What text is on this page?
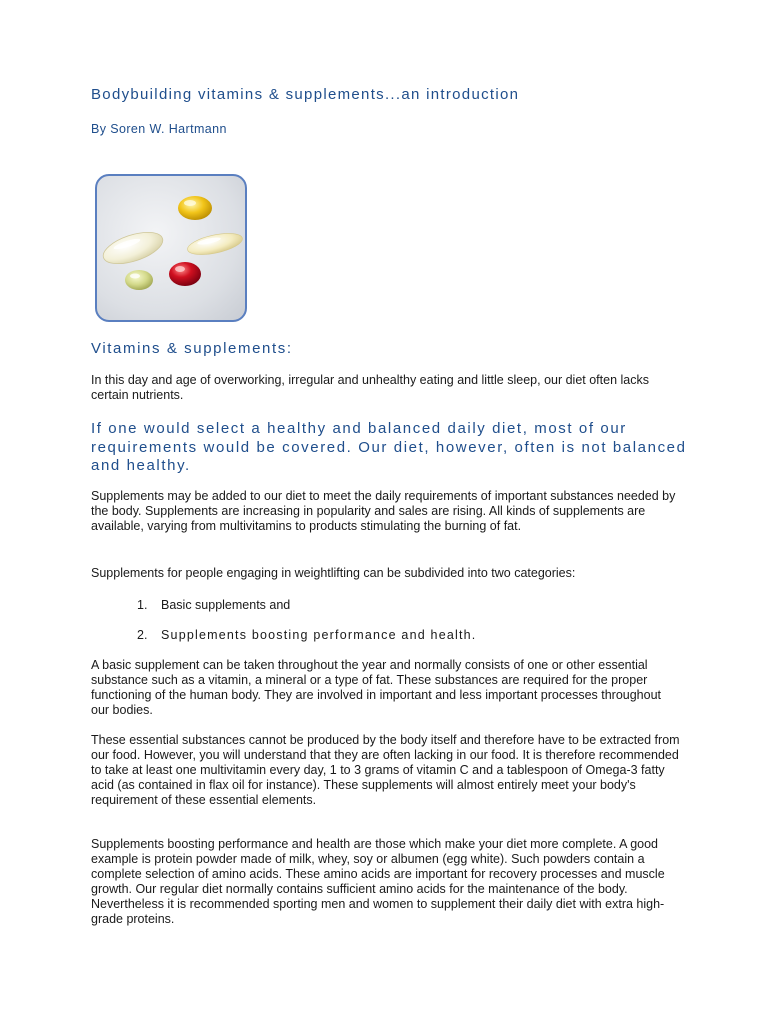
Bodybuilding vitamins & supplements...an introduction
By Soren W. Hartmann
Vitamins & supplements:
In this day and age of overworking, irregular and unhealthy eating and little sleep, our diet often lacks certain nutrients.
If one would select a healthy and balanced daily diet, most of our requirements would be covered. Our diet, however, often is not balanced and healthy.
Supplements may be added to our diet to meet the daily requirements of important substances needed by the body. Supplements are increasing in popularity and sales are rising. All kinds of supplements are available, varying from multivitamins to products stimulating the burning of fat.
Supplements for people engaging in weightlifting can be subdivided into two categories:
1. Basic supplements and
2. Supplements boosting performance and health.
A basic supplement can be taken throughout the year and normally consists of one or other essential substance such as a vitamin, a mineral or a type of fat. These substances are required for the proper functioning of the human body. They are involved in important and less important processes throughout our bodies.
These essential substances cannot be produced by the body itself and therefore have to be extracted from our food. However, you will understand that they are often lacking in our food. It is therefore recommended to take at least one multivitamin every day, 1 to 3 grams of vitamin C and a tablespoon of Omega-3 fatty acid (as contained in flax oil for instance). These supplements will almost entirely meet your body's requirement of these essential elements.
Supplements boosting performance and health are those which make your diet more complete. A good example is protein powder made of milk, whey, soy or albumen (egg white). Such powders contain a complete selection of amino acids. These amino acids are important for recovery processes and muscle growth. Our regular diet normally contains sufficient amino acids for the maintenance of the body. Nevertheless it is recommended sporting men and women to supplement their daily diet with extra high-grade proteins.
